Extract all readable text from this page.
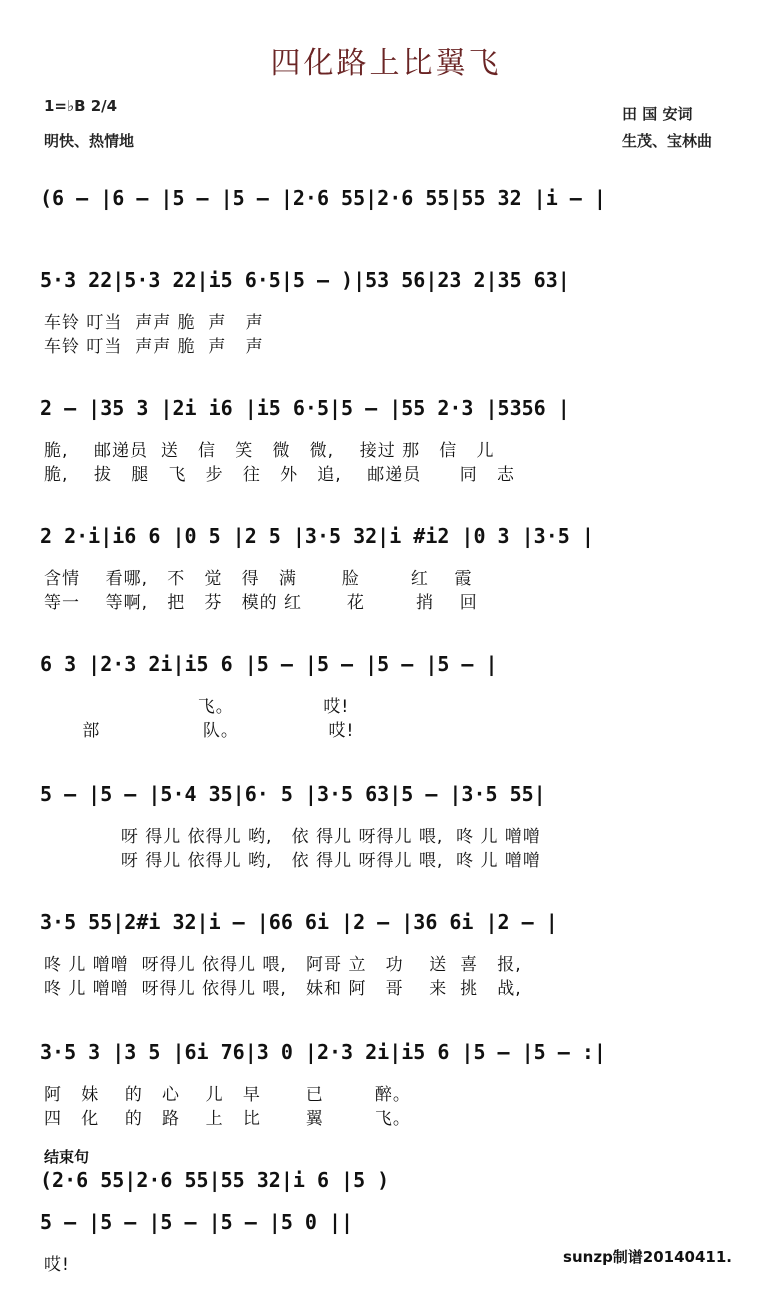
四化路上比翼飞
1=♭B 2/4
明快、热情地
田 国 安词
生茂、宝林曲
(6 – |6 – |5 – |5 – |2·6 55|2·6 55|55 32 |i – |
5·3 22|5·3 22|i5 6·5|5 – )|53 56|23 2|35 63|
车铃 叮当  声声 脆  声   声
车铃 叮当  声声 脆  声   声
2 – |35 3 |2i i6 |i5 6·5|5 – |55 2·3 |5356 |
脆,    邮递员  送   信   笑   微   微,    接过 那   信   儿
脆,    拔   腿   飞   步   往   外   追,    邮递员      同   志
2 2·i|i6 6 |0 5 |2 5 |3·5 32|i #i2 |0 3 |3·5 |
含情    看哪,   不   觉   得   满       脸        红    霞
等一    等啊,   把   芬   模的 红       花        捎    回
6 3 |2·3 2i|i5 6 |5 – |5 – |5 – |5 – |
飞。              哎!
部                队。              哎!
5 – |5 – |5·4 35|6· 5 |3·5 63|5 – |3·5 55|
呀 得儿 依得儿 哟,   依 得儿 呀得儿 喂,  咚 儿 噌噌
呀 得儿 依得儿 哟,   依 得儿 呀得儿 喂,  咚 儿 噌噌
3·5 55|2#i 32|i – |66 6i |2 – |36 6i |2 – |
咚 儿 噌噌  呀得儿 依得儿 喂,   阿哥 立   功    送  喜   报,
咚 儿 噌噌  呀得儿 依得儿 喂,   妹和 阿   哥    来  挑   战,
3·5 3 |3 5 |6i 76|3 0 |2·3 2i|i5 6 |5 – |5 – :|
阿   妹    的   心    儿   早       已        醉。
四   化    的   路    上   比       翼        飞。
(2·6 55|2·6 55|55 32|i 6 |5 )
5 – |5 – |5 – |5 – |5 0 ||
哎!
结束句
sunzp制谱20140411.
